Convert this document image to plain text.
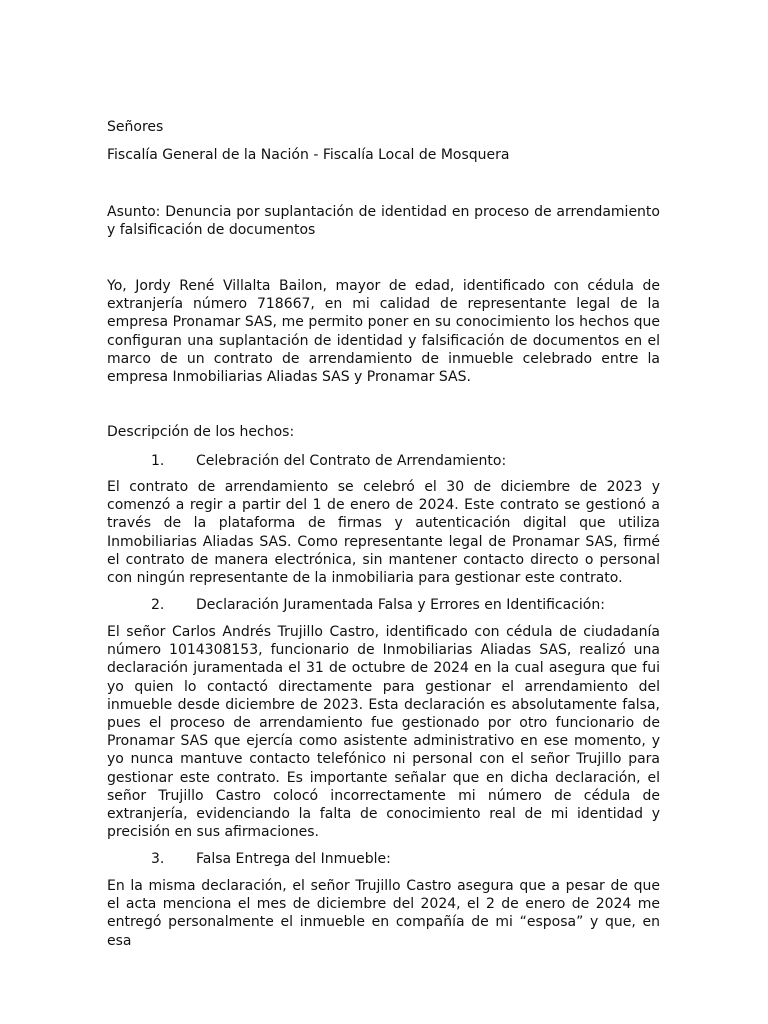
Señores

Fiscalía General de la Nación - Fiscalía Local de Mosquera

Asunto: Denuncia por suplantación de identidad en proceso de arrendamiento y falsificación de documentos

Yo, Jordy René Villalta Bailon, mayor de edad, identificado con cédula de extranjería número 718667, en mi calidad de representante legal de la empresa Pronamar SAS, me permito poner en su conocimiento los hechos que configuran una suplantación de identidad y falsificación de documentos en el marco de un contrato de arrendamiento de inmueble celebrado entre la empresa Inmobiliarias Aliadas SAS y Pronamar SAS.

Descripción de los hechos:

1. Celebración del Contrato de Arrendamiento:

El contrato de arrendamiento se celebró el 30 de diciembre de 2023 y comenzó a regir a partir del 1 de enero de 2024. Este contrato se gestionó a través de la plataforma de firmas y autenticación digital que utiliza Inmobiliarias Aliadas SAS. Como representante legal de Pronamar SAS, firmé el contrato de manera electrónica, sin mantener contacto directo o personal con ningún representante de la inmobiliaria para gestionar este contrato.

2. Declaración Juramentada Falsa y Errores en Identificación:

El señor Carlos Andrés Trujillo Castro, identificado con cédula de ciudadanía número 1014308153, funcionario de Inmobiliarias Aliadas SAS, realizó una declaración juramentada el 31 de octubre de 2024 en la cual asegura que fui yo quien lo contactó directamente para gestionar el arrendamiento del inmueble desde diciembre de 2023. Esta declaración es absolutamente falsa, pues el proceso de arrendamiento fue gestionado por otro funcionario de Pronamar SAS que ejercía como asistente administrativo en ese momento, y yo nunca mantuve contacto telefónico ni personal con el señor Trujillo para gestionar este contrato. Es importante señalar que en dicha declaración, el señor Trujillo Castro colocó incorrectamente mi número de cédula de extranjería, evidenciando la falta de conocimiento real de mi identidad y precisión en sus afirmaciones.

3. Falsa Entrega del Inmueble:

En la misma declaración, el señor Trujillo Castro asegura que a pesar de que el acta menciona el mes de diciembre del 2024, el 2 de enero de 2024 me entregó personalmente el inmueble en compañía de mi “esposa” y que, en esa
